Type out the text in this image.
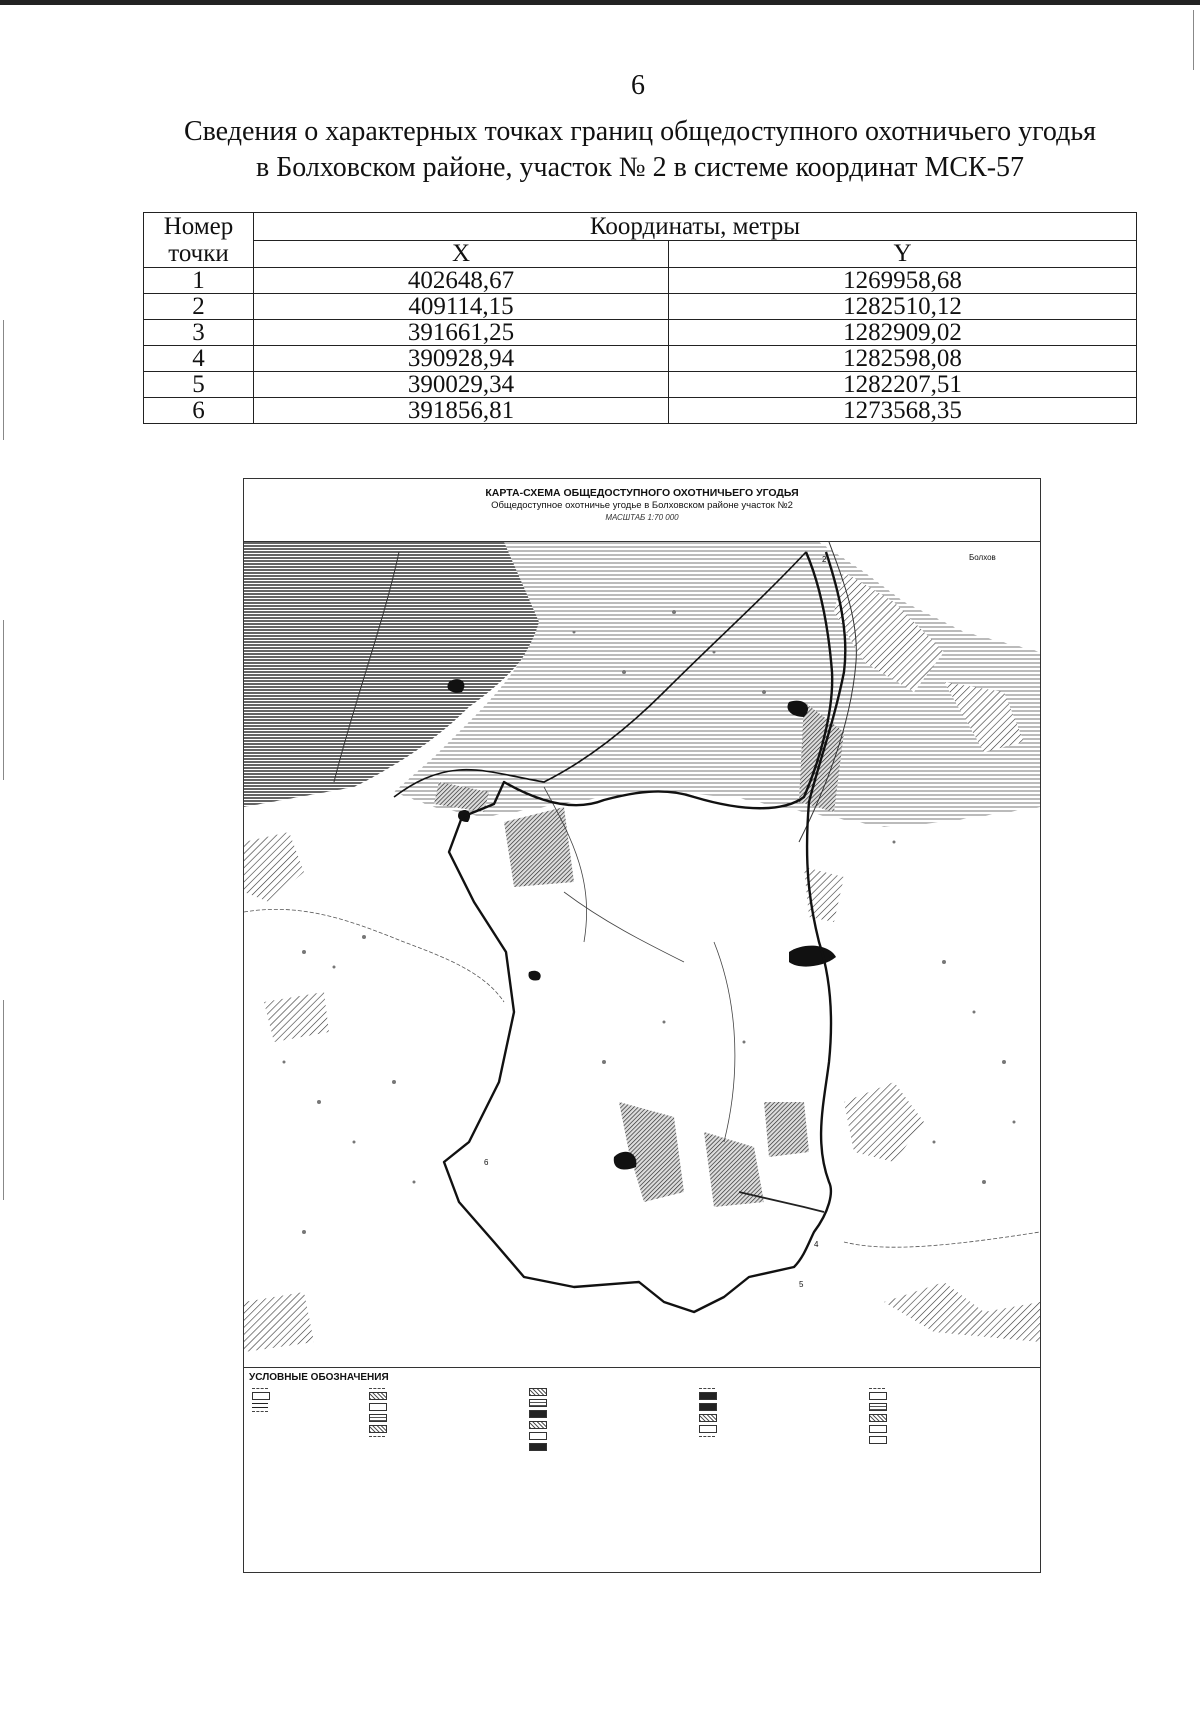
6
Сведения о характерных точках границ общедоступного охотничьего угодья
в Болховском районе, участок № 2 в системе координат МСК-57
Номер
точки	Координаты, метры	
	X	Y
1	402648,67	1269958,68
2	409114,15	1282510,12
3	391661,25	1282909,02
4	390928,94	1282598,08
5	390029,34	1282207,51
6	391856,81	1273568,35
КАРТА-СХЕМА ОБЩЕДОСТУПНОГО ОХОТНИЧЬЕГО УГОДЬЯ
Общедоступное охотничье угодье в Болховском районе участок №2
МАСШТАБ 1:70 000
Болхов
2
4
5
6
УСЛОВНЫЕ ОБОЗНАЧЕНИЯ
